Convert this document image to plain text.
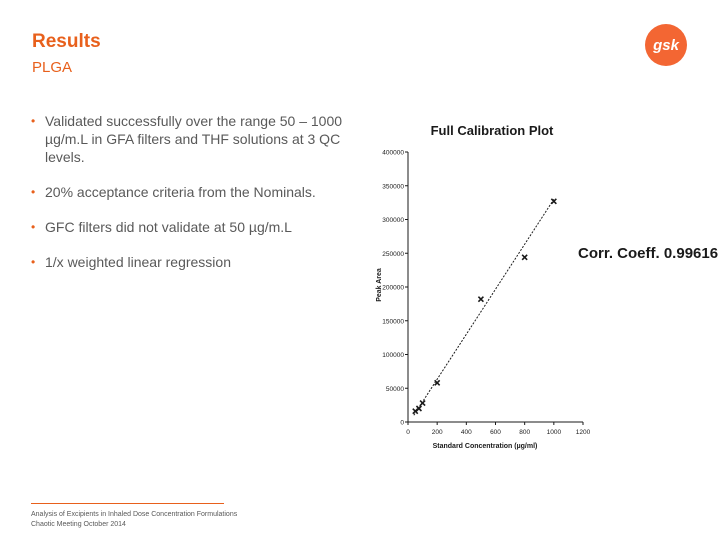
Results
PLGA
gsk
• Validated successfully over the range 50 – 1000 µg/m.L in GFA filters and THF solutions at 3 QC levels.
• 20% acceptance criteria from the Nominals.
• GFC filters did not validate at 50 µg/m.L
• 1/x weighted linear regression
Full Calibration Plot
Corr. Coeff. 0.99616
Standard Concentration (µg/ml)
Peak Area
0
50000
100000
150000
200000
250000
300000
350000
400000
0	200	400	600	800	1000 1200
Analysis of Excipients in Inhaled Dose Concentration Formulations
Chaotic Meeting October 2014
